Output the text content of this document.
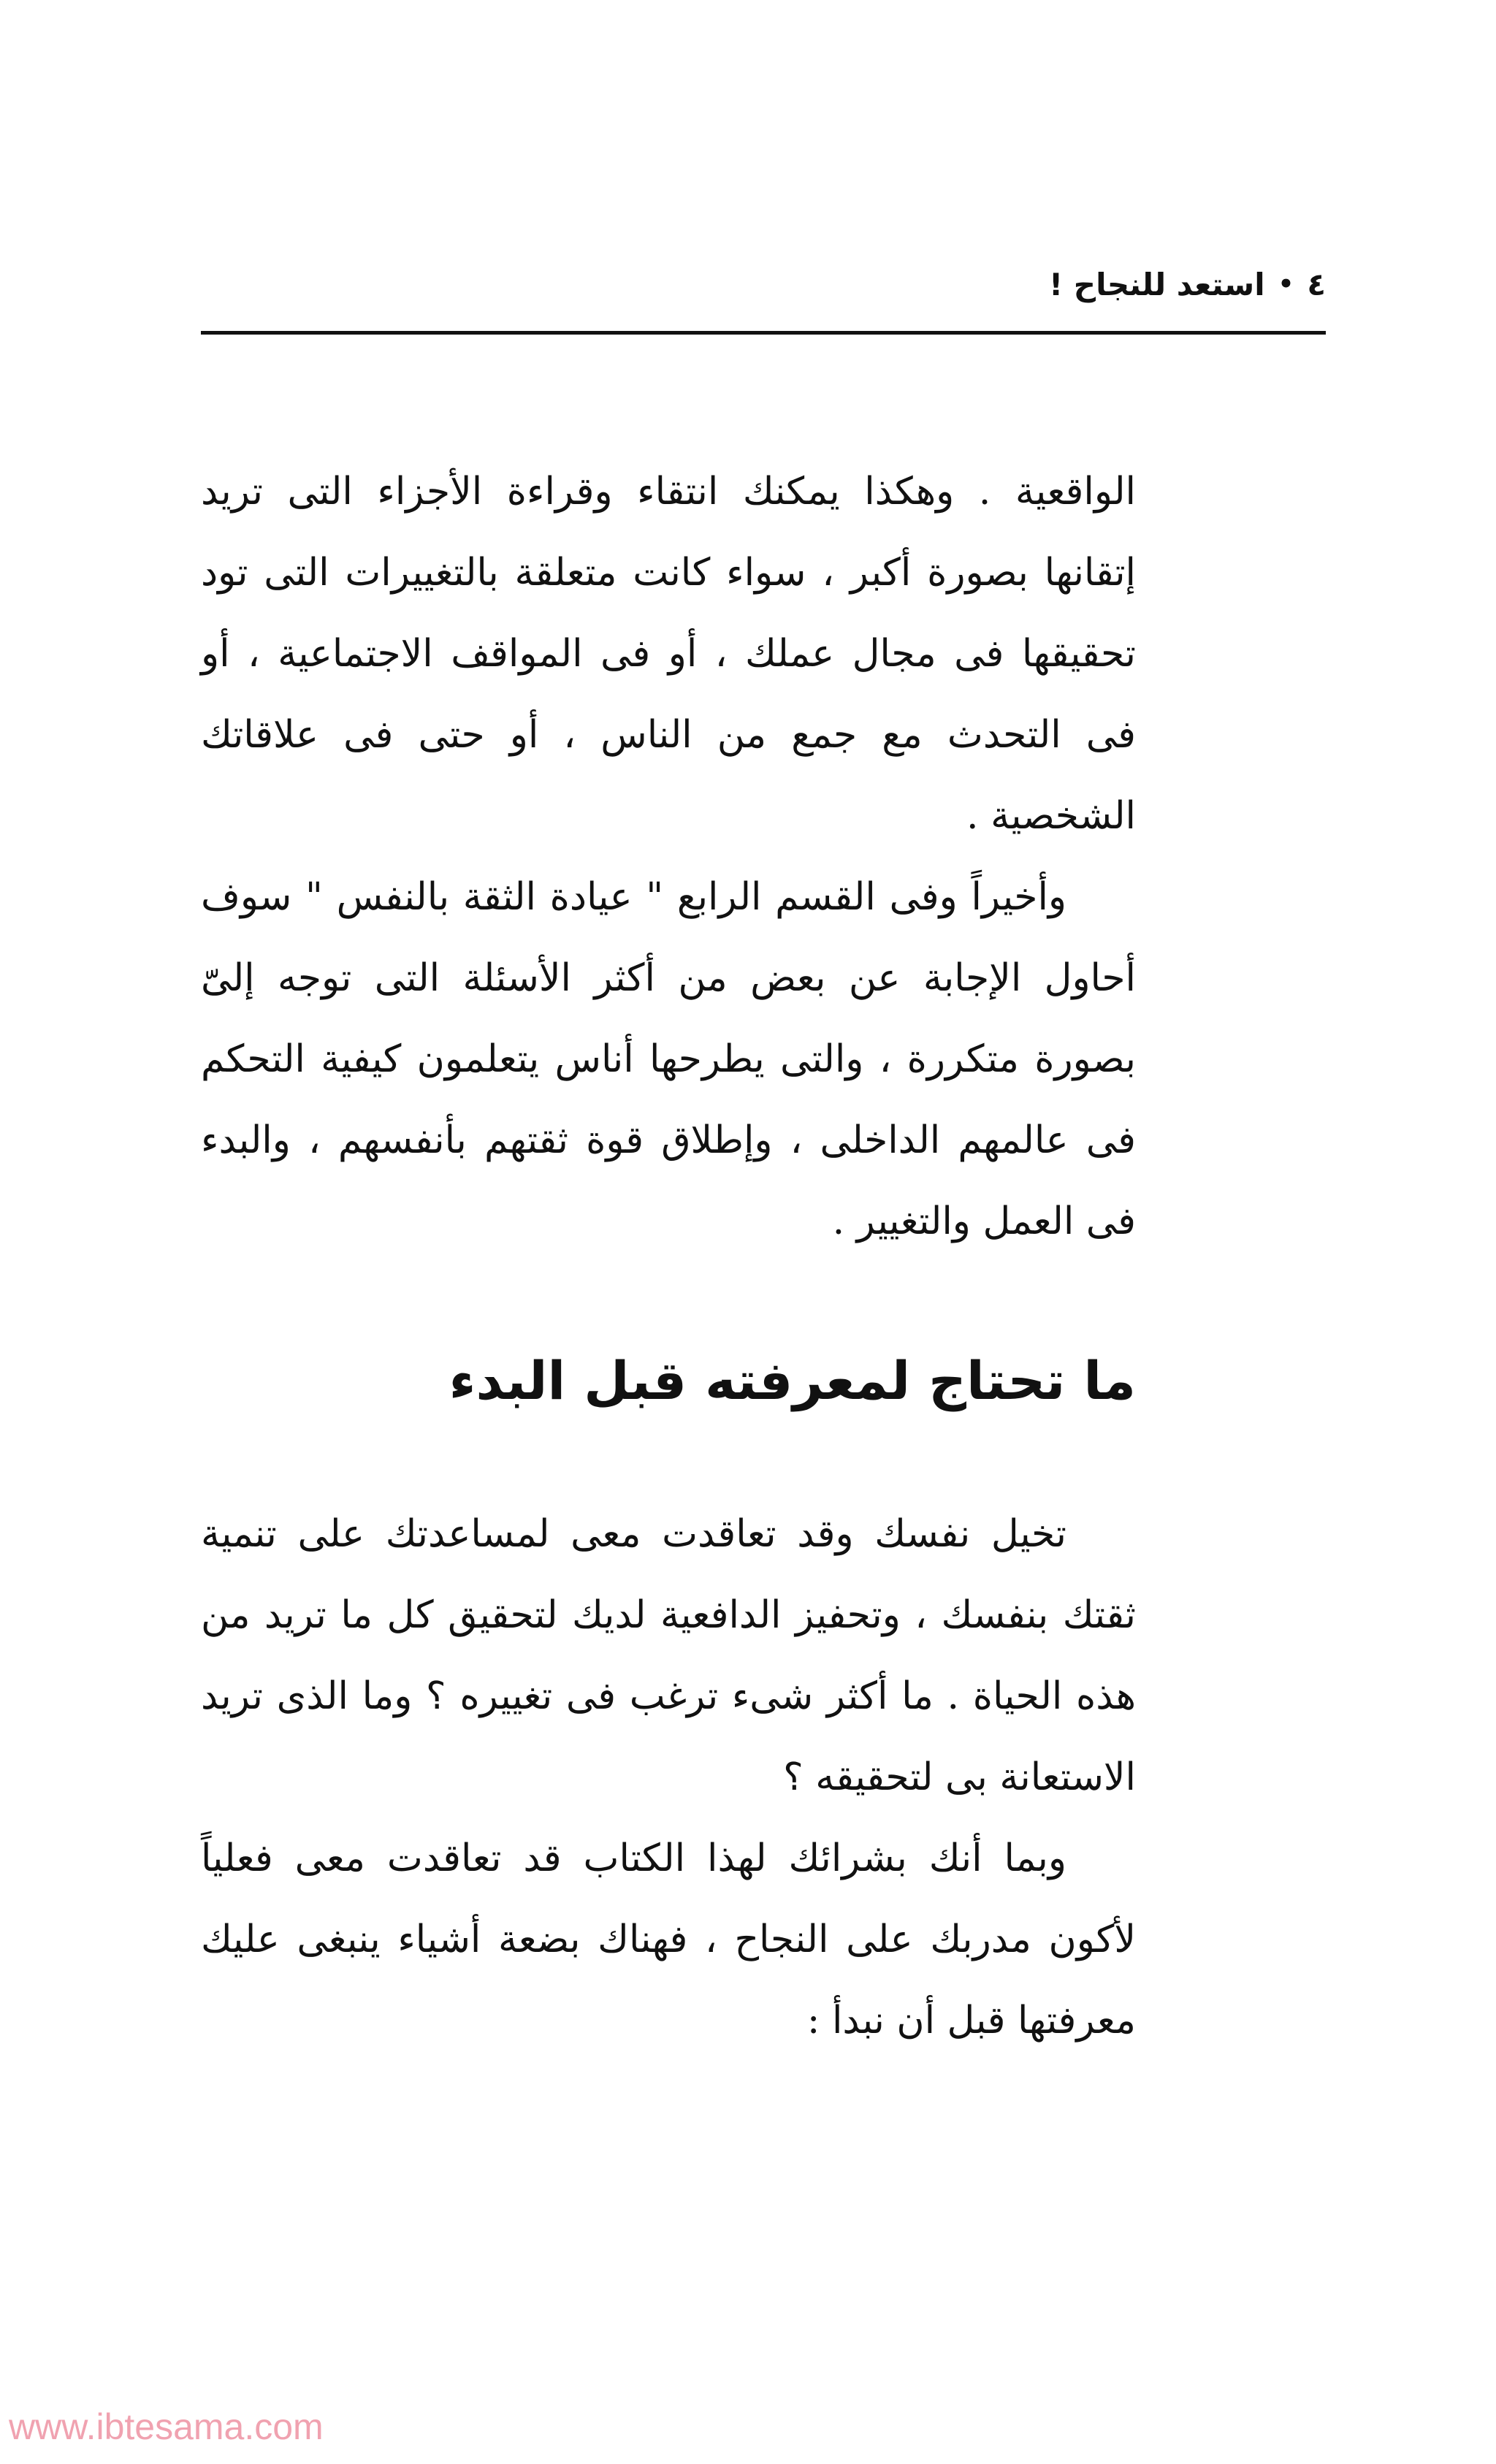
٤•استعد للنجاح !

الواقعية . وهكذا يمكنك انتقاء وقراءة الأجزاء التى تريد إتقانها بصورة أكبر ، سواء كانت متعلقة بالتغييرات التى تود تحقيقها فى مجال عملك ، أو فى المواقف الاجتماعية ، أو فى التحدث مع جمع من الناس ، أو حتى فى علاقاتك الشخصية .

وأخيراً وفى القسم الرابع " عيادة الثقة بالنفس " سوف أحاول الإجابة عن بعض من أكثر الأسئلة التى توجه إلىّ بصورة متكررة ، والتى يطرحها أناس يتعلمون كيفية التحكم فى عالمهم الداخلى ، وإطلاق قوة ثقتهم بأنفسهم ، والبدء فى العمل والتغيير .

ما تحتاج لمعرفته قبل البدء

تخيل نفسك وقد تعاقدت معى لمساعدتك على تنمية ثقتك بنفسك ، وتحفيز الدافعية لديك لتحقيق كل ما تريد من هذه الحياة . ما أكثر شىء ترغب فى تغييره ؟ وما الذى تريد الاستعانة بى لتحقيقه ؟

وبما أنك بشرائك لهذا الكتاب قد تعاقدت معى فعلياً لأكون مدربك على النجاح ، فهناك بضعة أشياء ينبغى عليك معرفتها قبل أن نبدأ :

www.ibtesama.com
